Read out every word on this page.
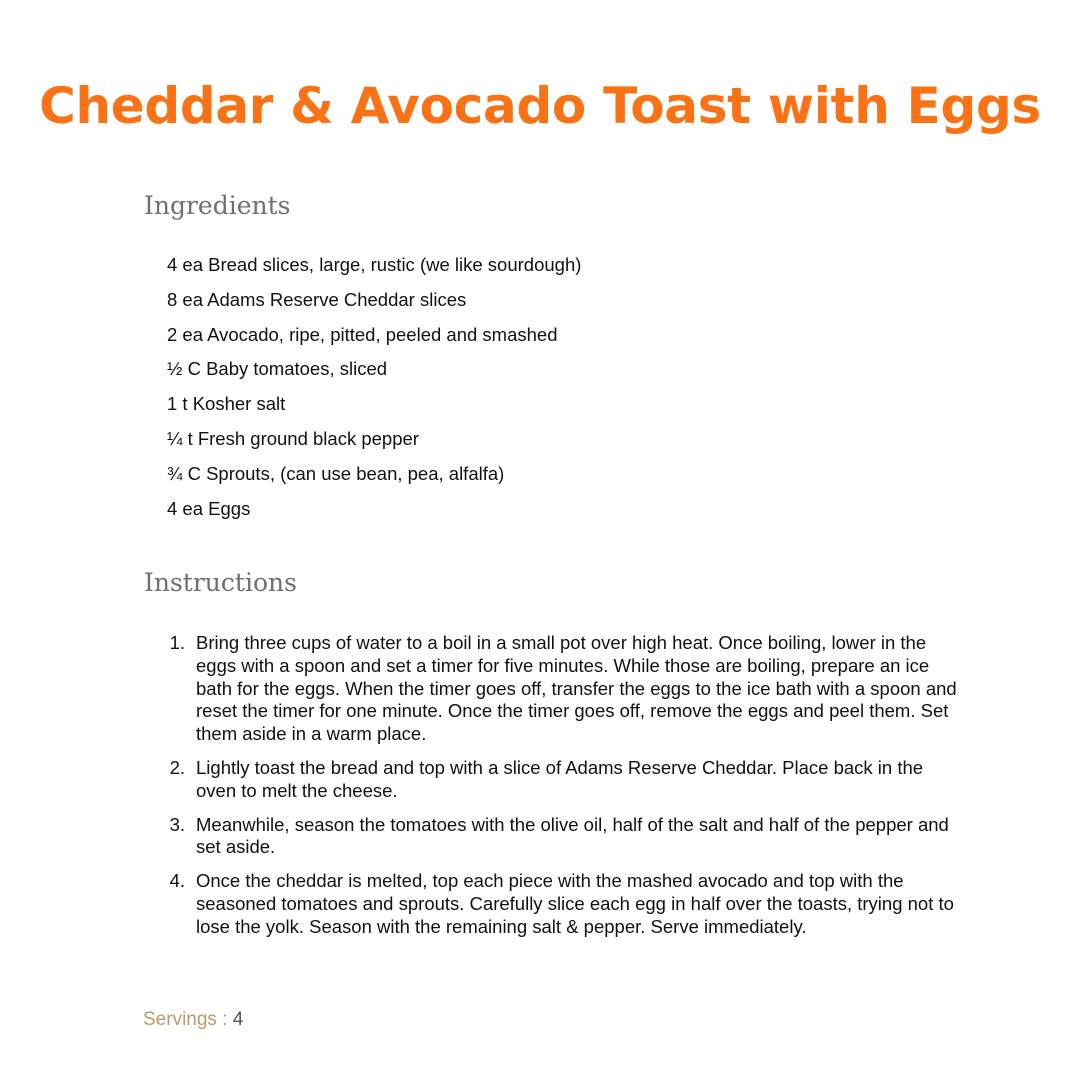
Cheddar & Avocado Toast with Eggs
Ingredients
4 ea Bread slices, large, rustic (we like sourdough)
8 ea Adams Reserve Cheddar slices
2 ea Avocado, ripe, pitted, peeled and smashed
½ C Baby tomatoes, sliced
1 t Kosher salt
¼ t Fresh ground black pepper
¾ C Sprouts, (can use bean, pea, alfalfa)
4 ea Eggs
Instructions
1. Bring three cups of water to a boil in a small pot over high heat. Once boiling, lower in the eggs with a spoon and set a timer for five minutes. While those are boiling, prepare an ice bath for the eggs. When the timer goes off, transfer the eggs to the ice bath with a spoon and reset the timer for one minute. Once the timer goes off, remove the eggs and peel them. Set them aside in a warm place.
2. Lightly toast the bread and top with a slice of Adams Reserve Cheddar. Place back in the oven to melt the cheese.
3. Meanwhile, season the tomatoes with the olive oil, half of the salt and half of the pepper and set aside.
4. Once the cheddar is melted, top each piece with the mashed avocado and top with the seasoned tomatoes and sprouts. Carefully slice each egg in half over the toasts, trying not to lose the yolk. Season with the remaining salt & pepper. Serve immediately.
Servings : 4
